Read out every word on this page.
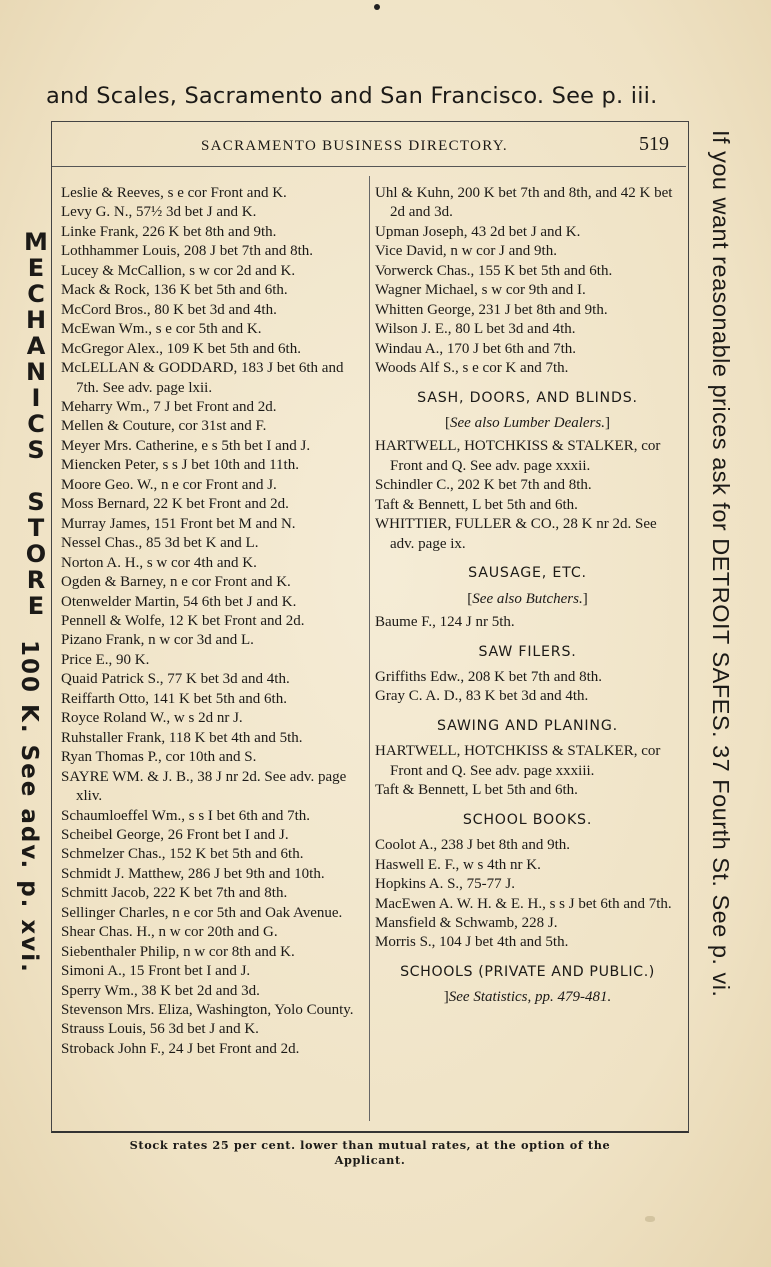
and Scales, Sacramento and San Francisco. See p. iii.
MECHANICS STORE
100 K. See adv. p. xvi.	If you want reasonable prices ask for DETROIT SAFES. 37 Fourth St. See p. vi.
SACRAMENTO BUSINESS DIRECTORY.	519
Leslie & Reeves, s e cor Front and K.
Levy G. N., 57½ 3d bet J and K.
Linke Frank, 226 K bet 8th and 9th.
Lothhammer Louis, 208 J bet 7th and 8th.
Lucey & McCallion, s w cor 2d and K.
Mack & Rock, 136 K bet 5th and 6th.
McCord Bros., 80 K bet 3d and 4th.
McEwan Wm., s e cor 5th and K.
McGregor Alex., 109 K bet 5th and 6th.
McLELLAN & GODDARD, 183 J bet 6th and 7th. See adv. page lxii.
Meharry Wm., 7 J bet Front and 2d.
Mellen & Couture, cor 31st and F.
Meyer Mrs. Catherine, e s 5th bet I and J.
Miencken Peter, s s J bet 10th and 11th.
Moore Geo. W., n e cor Front and J.
Moss Bernard, 22 K bet Front and 2d.
Murray James, 151 Front bet M and N.
Nessel Chas., 85 3d bet K and L.
Norton A. H., s w cor 4th and K.
Ogden & Barney, n e cor Front and K.
Otenwelder Martin, 54 6th bet J and K.
Pennell & Wolfe, 12 K bet Front and 2d.
Pizano Frank, n w cor 3d and L.
Price E., 90 K.
Quaid Patrick S., 77 K bet 3d and 4th.
Reiffarth Otto, 141 K bet 5th and 6th.
Royce Roland W., w s 2d nr J.
Ruhstaller Frank, 118 K bet 4th and 5th.
Ryan Thomas P., cor 10th and S.
SAYRE WM. & J. B., 38 J nr 2d. See adv. page xliv.
Schaumloeffel Wm., s s I bet 6th and 7th.
Scheibel George, 26 Front bet I and J.
Schmelzer Chas., 152 K bet 5th and 6th.
Schmidt J. Matthew, 286 J bet 9th and 10th.
Schmitt Jacob, 222 K bet 7th and 8th.
Sellinger Charles, n e cor 5th and Oak Avenue.
Shear Chas. H., n w cor 20th and G.
Siebenthaler Philip, n w cor 8th and K.
Simoni A., 15 Front bet I and J.
Sperry Wm., 38 K bet 2d and 3d.
Stevenson Mrs. Eliza, Washington, Yolo County.
Strauss Louis, 56 3d bet J and K.
Stroback John F., 24 J bet Front and 2d.
Uhl & Kuhn, 200 K bet 7th and 8th, and 42 K bet 2d and 3d.
Upman Joseph, 43 2d bet J and K.
Vice David, n w cor J and 9th.
Vorwerck Chas., 155 K bet 5th and 6th.
Wagner Michael, s w cor 9th and I.
Whitten George, 231 J bet 8th and 9th.
Wilson J. E., 80 L bet 3d and 4th.
Windau A., 170 J bet 6th and 7th.
Woods Alf S., s e cor K and 7th.
SASH, DOORS, AND BLINDS.
[See also Lumber Dealers.]
HARTWELL, HOTCHKISS & STALKER, cor Front and Q. See adv. page xxxii.
Schindler C., 202 K bet 7th and 8th.
Taft & Bennett, L bet 5th and 6th.
WHITTIER, FULLER & CO., 28 K nr 2d. See adv. page ix.
SAUSAGE, ETC.
[See also Butchers.]
Baume F., 124 J nr 5th.
SAW FILERS.
Griffiths Edw., 208 K bet 7th and 8th.
Gray C. A. D., 83 K bet 3d and 4th.
SAWING AND PLANING.
HARTWELL, HOTCHKISS & STALKER, cor Front and Q. See adv. page xxxiii.
Taft & Bennett, L bet 5th and 6th.
SCHOOL BOOKS.
Coolot A., 238 J bet 8th and 9th.
Haswell E. F., w s 4th nr K.
Hopkins A. S., 75-77 J.
MacEwen A. W. H. & E. H., s s J bet 6th and 7th.
Mansfield & Schwamb, 228 J.
Morris S., 104 J bet 4th and 5th.
SCHOOLS (PRIVATE AND PUBLIC.)
]See Statistics, pp. 479-481.
Stock rates 25 per cent. lower than mutual rates, at the option of the Applicant.
